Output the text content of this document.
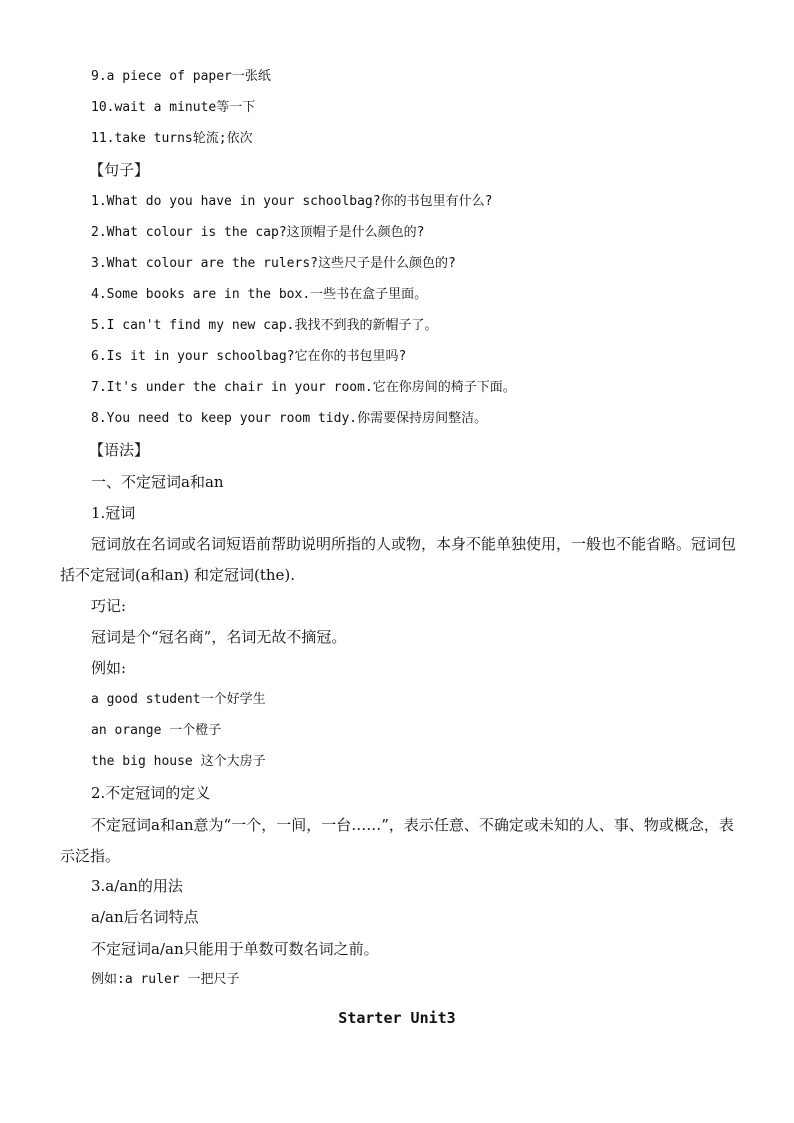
9.a piece of paper一张纸
10.wait a minute等一下
11.take turns轮流;依次
【句子】
1.What do you have in your schoolbag?你的书包里有什么?
2.What colour is the cap?这顶帽子是什么颜色的?
3.What colour are the rulers?这些尺子是什么颜色的?
4.Some books are in the box.一些书在盒子里面。
5.I can't find my new cap.我找不到我的新帽子了。
6.Is it in your schoolbag?它在你的书包里吗?
7.It's under the chair in your room.它在你房间的椅子下面。
8.You need to keep your room tidy.你需要保持房间整洁。
【语法】
一、不定冠词a和an
1.冠词
冠词放在名词或名词短语前帮助说明所指的人或物，本身不能单独使用，一般也不能省略。冠词包括不定冠词(a和an) 和定冠词(the).
巧记:
冠词是个“冠名商”，名词无故不摘冠。
例如:
a good student一个好学生
an orange 一个橙子
the big house 这个大房子
2.不定冠词的定义
不定冠词a和an意为“一个，一间，一台……”，表示任意、不确定或未知的人、事、物或概念，表示泛指。
3.a/an的用法
a/an后名词特点
不定冠词a/an只能用于单数可数名词之前。
例如:a ruler 一把尺子
Starter Unit3
